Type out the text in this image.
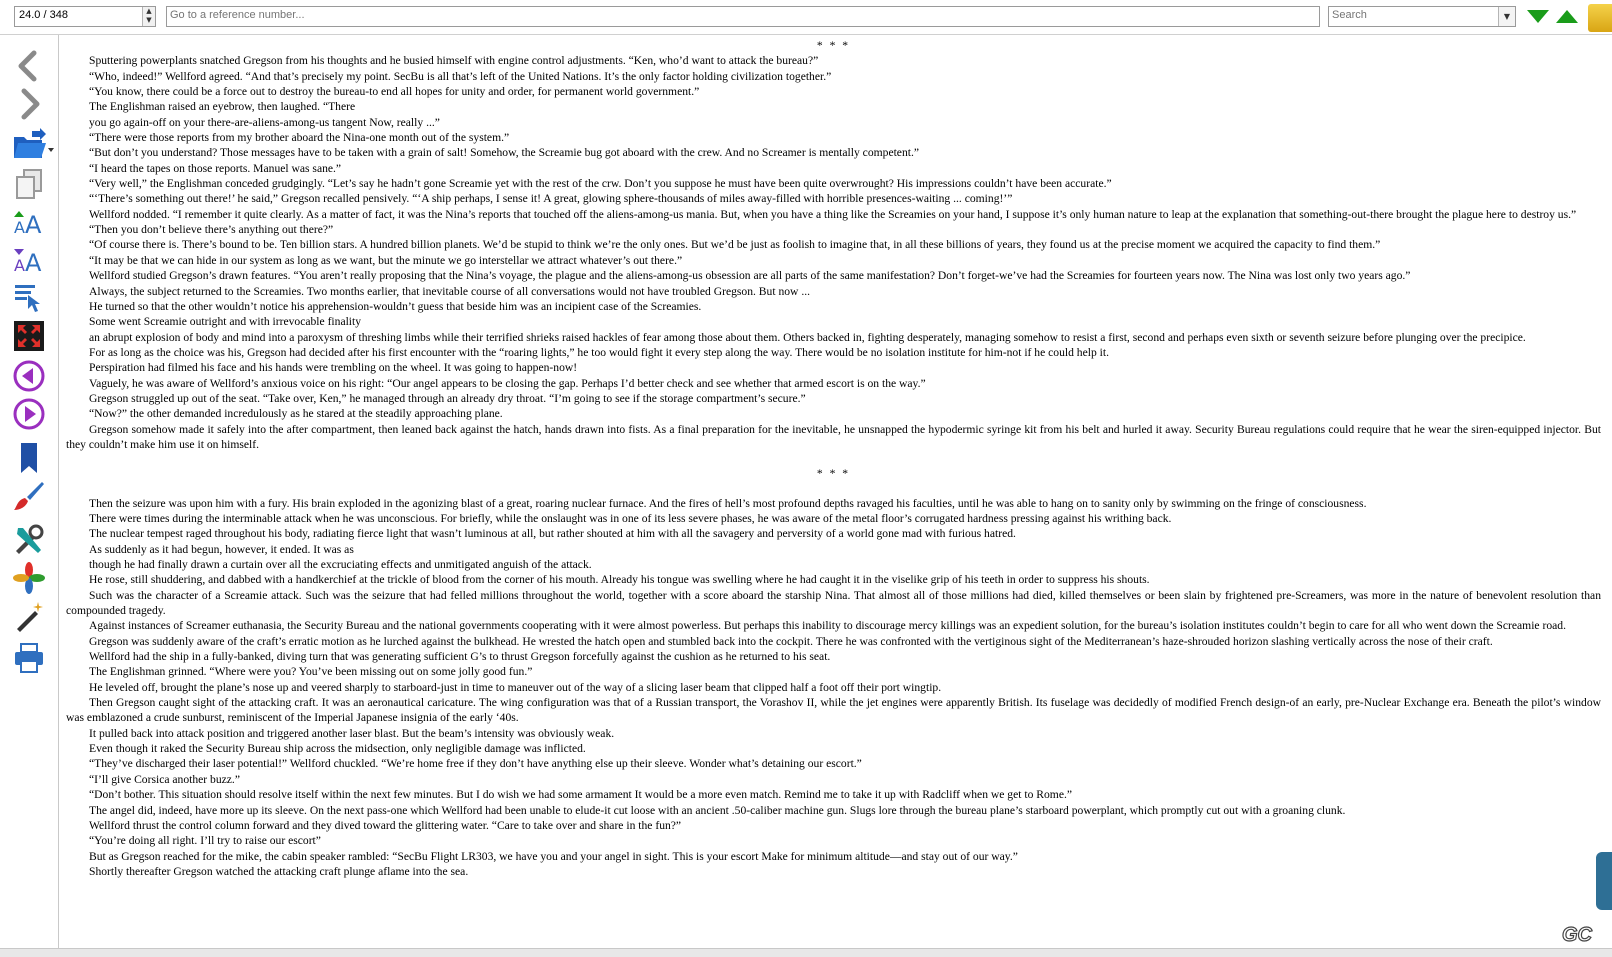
24.0 / 348	▲
▼
Go to a reference number...
Search	▼
A A
A A

* * *

Sputtering powerplants snatched Gregson from his thoughts and he busied himself with engine control adjustments. “Ken, who’d want to attack the bureau?”

“Who, indeed!” Wellford agreed. “And that’s precisely my point. SecBu is all that’s left of the United Nations. It’s the only factor holding civilization together.”

“You know, there could be a force out to destroy the bureau-to end all hopes for unity and order, for permanent world government.”

The Englishman raised an eyebrow, then laughed. “There

you go again-off on your there-are-aliens-among-us tangent Now, really ...”

“There were those reports from my brother aboard the Nina-one month out of the system.”

“But don’t you understand? Those messages have to be taken with a grain of salt! Somehow, the Screamie bug got aboard with the crew. And no Screamer is mentally competent.”

“I heard the tapes on those reports. Manuel was sane.”

“Very well,” the Englishman conceded grudgingly. “Let’s say he hadn’t gone Screamie yet with the rest of the crw. Don’t you suppose he must have been quite overwrought? His impressions couldn’t have been accurate.”

“‘There’s something out there!’ he said,” Gregson recalled pensively. “‘A ship perhaps, I sense it! A great, glowing sphere-thousands of miles away-filled with horrible presences-waiting ... coming!’”

Wellford nodded. “I remember it quite clearly. As a matter of fact, it was the Nina’s reports that touched off the aliens-among-us mania. But, when you have a thing like the Screamies on your hand, I suppose it’s only human nature to leap at the explanation that something-out-there brought the plague here to destroy us.”

“Then you don’t believe there’s anything out there?”

“Of course there is. There’s bound to be. Ten billion stars. A hundred billion planets. We’d be stupid to think we’re the only ones. But we’d be just as foolish to imagine that, in all these billions of years, they found us at the precise moment we acquired the capacity to find them.”

“It may be that we can hide in our system as long as we want, but the minute we go interstellar we attract whatever’s out there.”

Wellford studied Gregson’s drawn features. “You aren’t really proposing that the Nina’s voyage, the plague and the aliens-among-us obsession are all parts of the same manifestation? Don’t forget-we’ve had the Screamies for fourteen years now. The Nina was lost only two years ago.”

Always, the subject returned to the Screamies. Two months earlier, that inevitable course of all conversations would not have troubled Gregson. But now ...

He turned so that the other wouldn’t notice his apprehension-wouldn’t guess that beside him was an incipient case of the Screamies.

Some went Screamie outright and with irrevocable finality

an abrupt explosion of body and mind into a paroxysm of threshing limbs while their terrified shrieks raised hackles of fear among those about them. Others backed in, fighting desperately, managing somehow to resist a first, second and perhaps even sixth or seventh seizure before plunging over the precipice.

For as long as the choice was his, Gregson had decided after his first encounter with the “roaring lights,” he too would fight it every step along the way. There would be no isolation institute for him-not if he could help it.

Perspiration had filmed his face and his hands were trembling on the wheel. It was going to happen-now!

Vaguely, he was aware of Wellford’s anxious voice on his right: “Our angel appears to be closing the gap. Perhaps I’d better check and see whether that armed escort is on the way.”

Gregson struggled up out of the seat. “Take over, Ken,” he managed through an already dry throat. “I’m going to see if the storage compartment’s secure.”

“Now?” the other demanded incredulously as he stared at the steadily approaching plane.

Gregson somehow made it safely into the after compartment, then leaned back against the hatch, hands drawn into fists. As a final preparation for the inevitable, he unsnapped the hypodermic syringe kit from his belt and hurled it away. Security Bureau regulations could require that he wear the siren-equipped injector. But they couldn’t make him use it on himself.

* * *

Then the seizure was upon him with a fury. His brain exploded in the agonizing blast of a great, roaring nuclear furnace. And the fires of hell’s most profound depths ravaged his faculties, until he was able to hang on to sanity only by swimming on the fringe of consciousness.

There were times during the interminable attack when he was unconscious. For briefly, while the onslaught was in one of its less severe phases, he was aware of the metal floor’s corrugated hardness pressing against his writhing back.

The nuclear tempest raged throughout his body, radiating fierce light that wasn’t luminous at all, but rather shouted at him with all the savagery and perversity of a world gone mad with furious hatred.

As suddenly as it had begun, however, it ended. It was as

though he had finally drawn a curtain over all the excruciating effects and unmitigated anguish of the attack.

He rose, still shuddering, and dabbed with a handkerchief at the trickle of blood from the corner of his mouth. Already his tongue was swelling where he had caught it in the viselike grip of his teeth in order to suppress his shouts.

Such was the character of a Screamie attack. Such was the seizure that had felled millions throughout the world, together with a score aboard the starship Nina. That almost all of those millions had died, killed themselves or been slain by frightened pre-Screamers, was more in the nature of benevolent resolution than compounded tragedy.

Against instances of Screamer euthanasia, the Security Bureau and the national governments cooperating with it were almost powerless. But perhaps this inability to discourage mercy killings was an expedient solution, for the bureau’s isolation institutes couldn’t begin to care for all who went down the Screamie road.

Gregson was suddenly aware of the craft’s erratic motion as he lurched against the bulkhead. He wrested the hatch open and stumbled back into the cockpit. There he was confronted with the vertiginous sight of the Mediterranean’s haze-shrouded horizon slashing vertically across the nose of their craft.

Wellford had the ship in a fully-banked, diving turn that was generating sufficient G’s to thrust Gregson forcefully against the cushion as he returned to his seat.

The Englishman grinned. “Where were you? You’ve been missing out on some jolly good fun.”

He leveled off, brought the plane’s nose up and veered sharply to starboard-just in time to maneuver out of the way of a slicing laser beam that clipped half a foot off their port wingtip.

Then Gregson caught sight of the attacking craft. It was an aeronautical caricature. The wing configuration was that of a Russian transport, the Vorashov II, while the jet engines were apparently British. Its fuselage was decidedly of modified French design-of an early, pre-Nuclear Exchange era. Beneath the pilot’s window was emblazoned a crude sunburst, reminiscent of the Imperial Japanese insignia of the early ‘40s.

It pulled back into attack position and triggered another laser blast. But the beam’s intensity was obviously weak.

Even though it raked the Security Bureau ship across the midsection, only negligible damage was inflicted.

“They’ve discharged their laser potential!” Wellford chuckled. “We’re home free if they don’t have anything else up their sleeve. Wonder what’s detaining our escort.”

“I’ll give Corsica another buzz.”

“Don’t bother. This situation should resolve itself within the next few minutes. But I do wish we had some armament It would be a more even match. Remind me to take it up with Radcliff when we get to Rome.”

The angel did, indeed, have more up its sleeve. On the next pass-one which Wellford had been unable to elude-it cut loose with an ancient .50-caliber machine gun. Slugs lore through the bureau plane’s starboard powerplant, which promptly cut out with a groaning clunk.

Wellford thrust the control column forward and they dived toward the glittering water. “Care to take over and share in the fun?”

“You’re doing all right. I’ll try to raise our escort”

But as Gregson reached for the mike, the cabin speaker rambled: “SecBu Flight LR303, we have you and your angel in sight. This is your escort Make for minimum altitude—and stay out of our way.”

Shortly thereafter Gregson watched the attacking craft plunge aflame into the sea.

GC
